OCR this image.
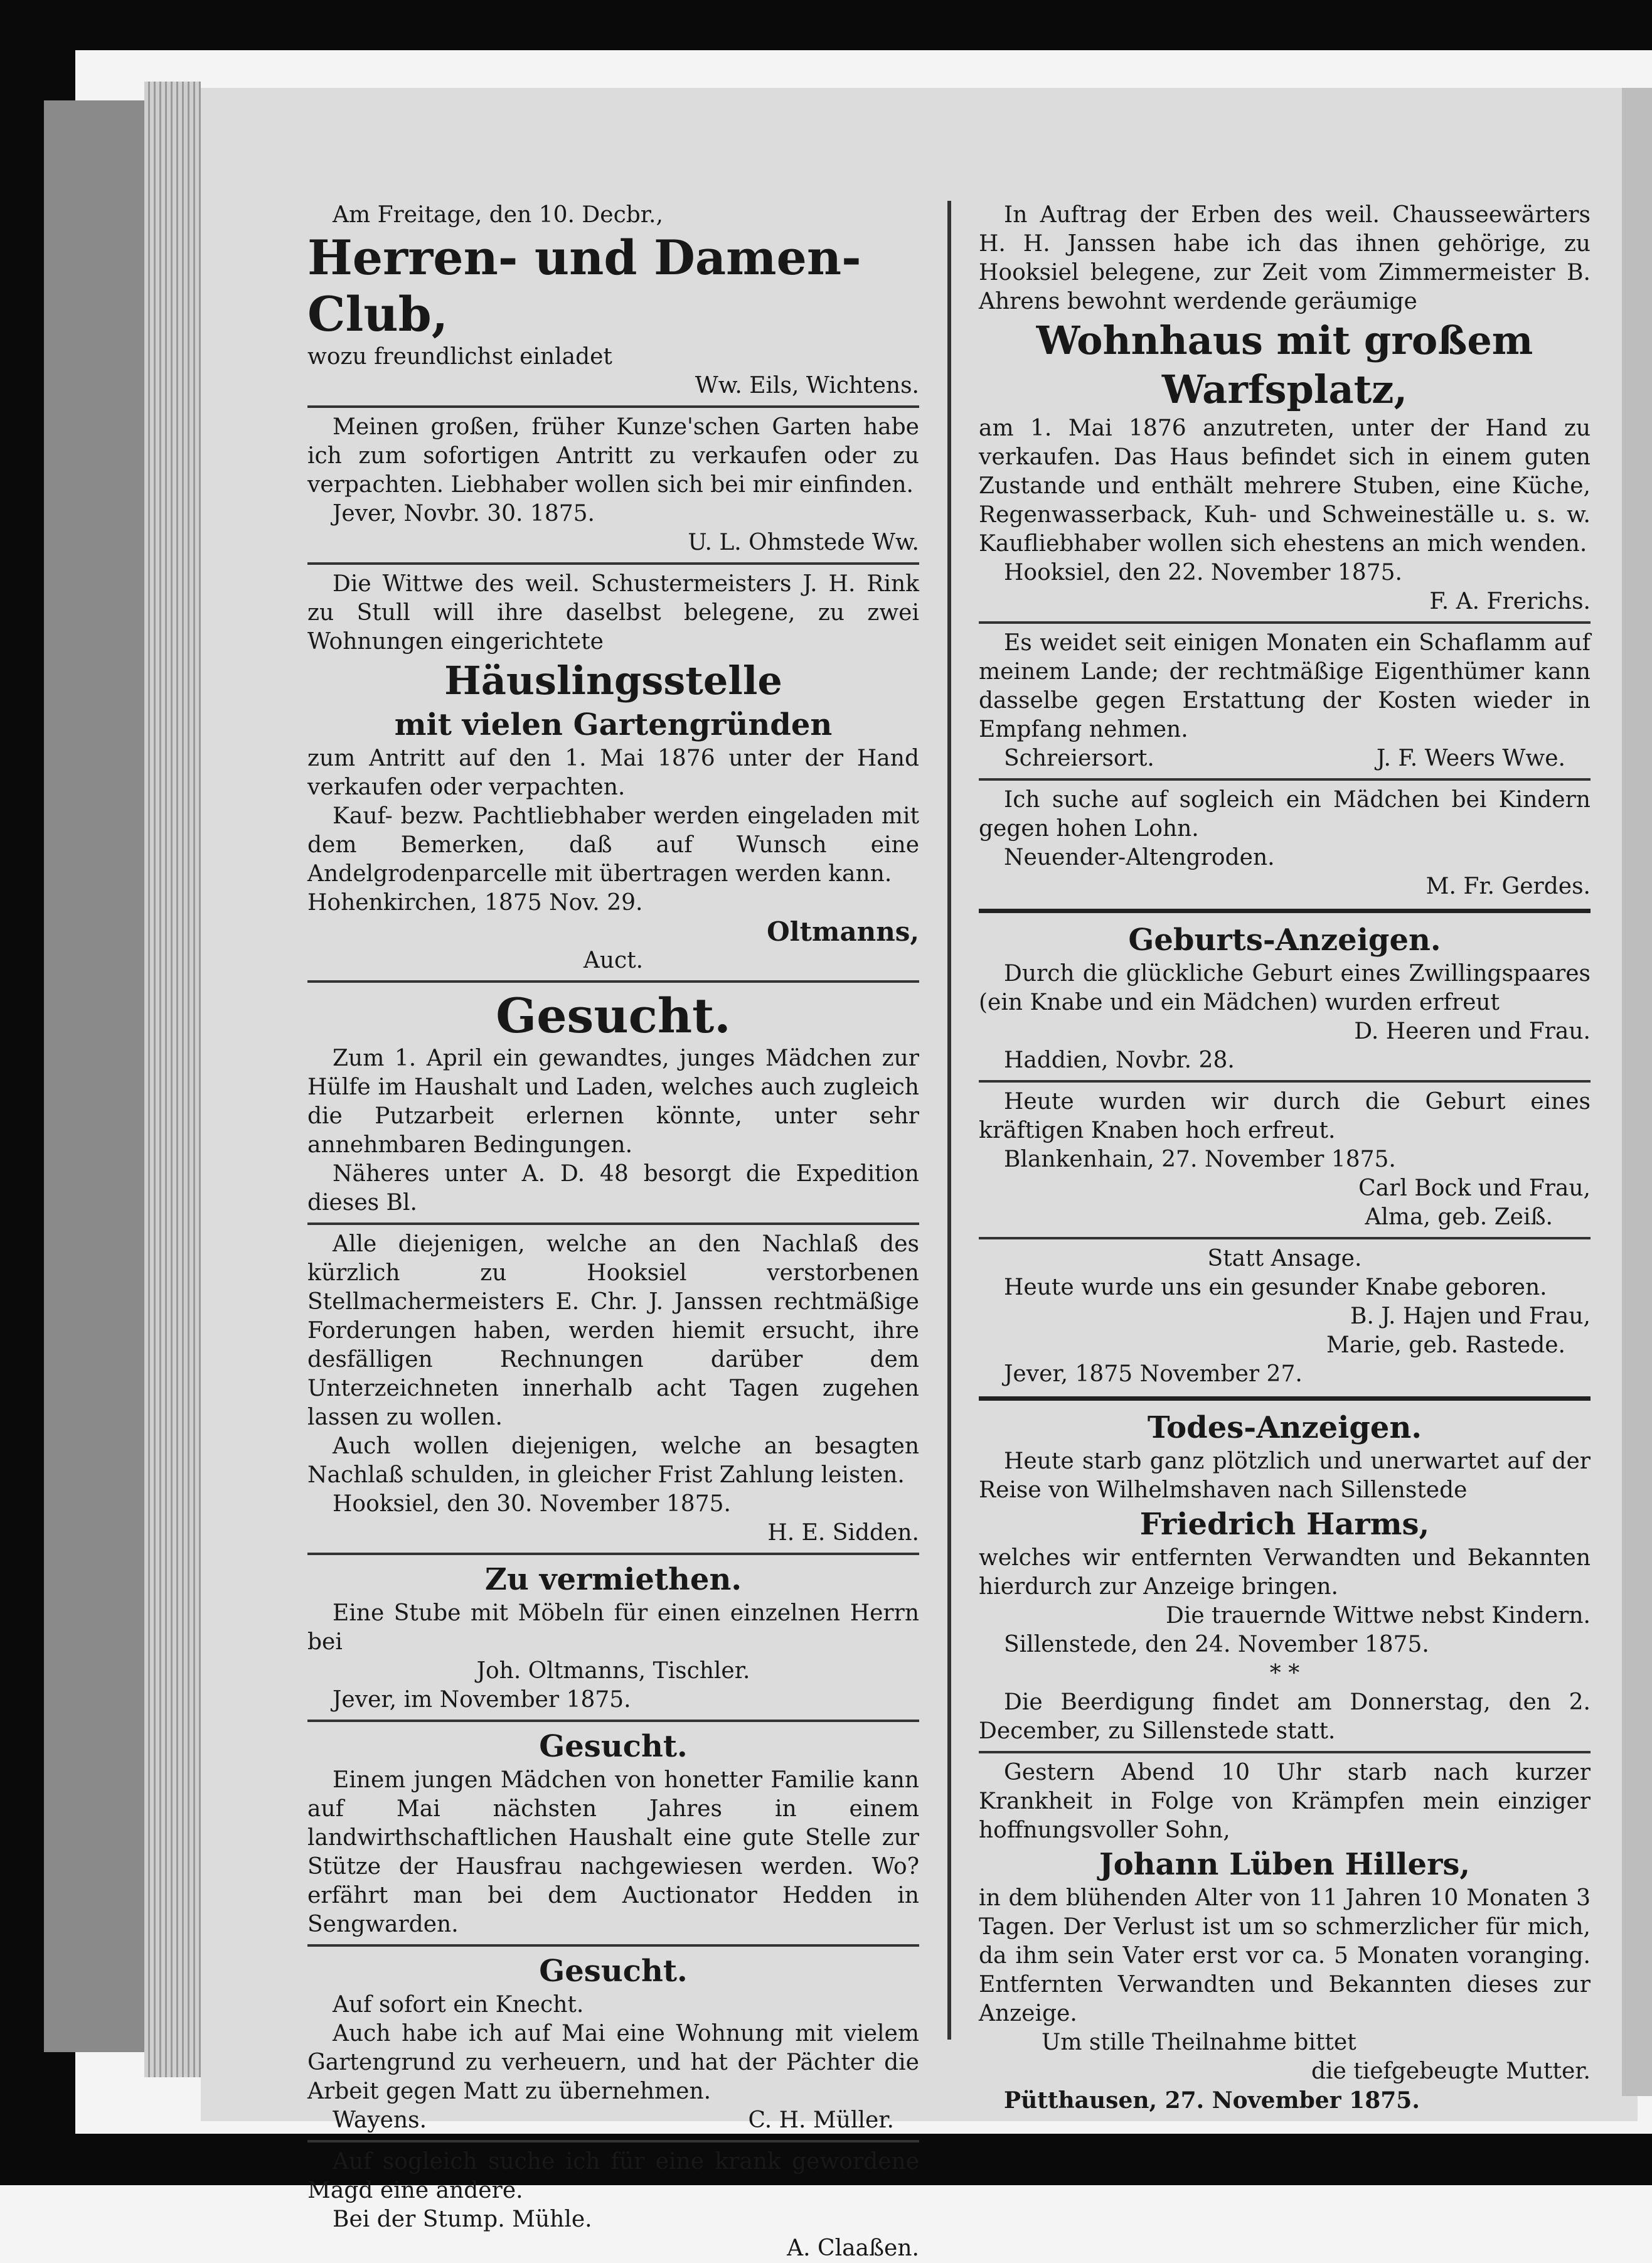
Am Freitage, den 10. Decbr.,

Herren- und Damen-Club,

wozu freundlichst einladet

Ww. Eils, Wichtens.

Meinen großen, früher Kunze'schen Garten habe ich zum sofortigen Antritt zu verkaufen oder zu verpachten. Liebhaber wollen sich bei mir einfinden.

Jever, Novbr. 30. 1875.

U. L. Ohmstede Ww.

Die Wittwe des weil. Schustermeisters J. H. Rink zu Stull will ihre daselbst belegene, zu zwei Wohnungen eingerichtete

Häuslingsstelle

mit vielen Gartengründen

zum Antritt auf den 1. Mai 1876 unter der Hand verkaufen oder verpachten.

Kauf- bezw. Pachtliebhaber werden eingeladen mit dem Bemerken, daß auf Wunsch eine Andelgrodenparcelle mit übertragen werden kann.

Hohenkirchen, 1875 Nov. 29.

Oltmanns,

Auct.

Gesucht.

Zum 1. April ein gewandtes, junges Mädchen zur Hülfe im Haushalt und Laden, welches auch zugleich die Putzarbeit erlernen könnte, unter sehr annehmbaren Bedingungen.

Näheres unter A. D. 48 besorgt die Expedition dieses Bl.

Alle diejenigen, welche an den Nachlaß des kürzlich zu Hooksiel verstorbenen Stellmachermeisters E. Chr. J. Janssen rechtmäßige Forderungen haben, werden hiemit ersucht, ihre desfälligen Rechnungen darüber dem Unterzeichneten innerhalb acht Tagen zugehen lassen zu wollen.

Auch wollen diejenigen, welche an besagten Nachlaß schulden, in gleicher Frist Zahlung leisten.

Hooksiel, den 30. November 1875.

H. E. Sidden.

Zu vermiethen.

Eine Stube mit Möbeln für einen einzelnen Herrn bei

Joh. Oltmanns, Tischler.

Jever, im November 1875.

Gesucht.

Einem jungen Mädchen von honetter Familie kann auf Mai nächsten Jahres in einem landwirthschaftlichen Haushalt eine gute Stelle zur Stütze der Hausfrau nachgewiesen werden. Wo? erfährt man bei dem Auctionator Hedden in Sengwarden.

Gesucht.

Auf sofort ein Knecht.

Auch habe ich auf Mai eine Wohnung mit vielem Gartengrund zu verheuern, und hat der Pächter die Arbeit gegen Matt zu übernehmen.

Wayens.	C. H. Müller.

Auf sogleich suche ich für eine krank gewordene Magd eine andere.

Bei der Stump. Mühle.

A. Claaßen.

In Auftrag der Erben des weil. Chausseewärters H. H. Janssen habe ich das ihnen gehörige, zu Hooksiel belegene, zur Zeit vom Zimmermeister B. Ahrens bewohnt werdende geräumige

Wohnhaus mit großem

Warfsplatz,

am 1. Mai 1876 anzutreten, unter der Hand zu verkaufen. Das Haus befindet sich in einem guten Zustande und enthält mehrere Stuben, eine Küche, Regenwasserback, Kuh- und Schweineställe u. s. w. Kaufliebhaber wollen sich ehestens an mich wenden.

Hooksiel, den 22. November 1875.

F. A. Frerichs.

Es weidet seit einigen Monaten ein Schaflamm auf meinem Lande; der rechtmäßige Eigenthümer kann dasselbe gegen Erstattung der Kosten wieder in Empfang nehmen.

Schreiersort.	J. F. Weers Wwe.

Ich suche auf sogleich ein Mädchen bei Kindern gegen hohen Lohn.

Neuender-Altengroden.

M. Fr. Gerdes.

Geburts-Anzeigen.

Durch die glückliche Geburt eines Zwillingspaares (ein Knabe und ein Mädchen) wurden erfreut

D. Heeren und Frau.

Haddien, Novbr. 28.

Heute wurden wir durch die Geburt eines kräftigen Knaben hoch erfreut.

Blankenhain, 27. November 1875.

Carl Bock und Frau,

Alma, geb. Zeiß.

Statt Ansage.

Heute wurde uns ein gesunder Knabe geboren.

B. J. Hajen und Frau,

Marie, geb. Rastede.

Jever, 1875 November 27.

Todes-Anzeigen.

Heute starb ganz plötzlich und unerwartet auf der Reise von Wilhelmshaven nach Sillenstede

Friedrich Harms,

welches wir entfernten Verwandten und Bekannten hierdurch zur Anzeige bringen.

Die trauernde Wittwe nebst Kindern.

Sillenstede, den 24. November 1875.

* *

Die Beerdigung findet am Donnerstag, den 2. December, zu Sillenstede statt.

Gestern Abend 10 Uhr starb nach kurzer Krankheit in Folge von Krämpfen mein einziger hoffnungsvoller Sohn,

Johann Lüben Hillers,

in dem blühenden Alter von 11 Jahren 10 Monaten 3 Tagen. Der Verlust ist um so schmerzlicher für mich, da ihm sein Vater erst vor ca. 5 Monaten voranging. Entfernten Verwandten und Bekannten dieses zur Anzeige.

Um stille Theilnahme bittet

die tiefgebeugte Mutter.

Pütthausen, 27. November 1875.
